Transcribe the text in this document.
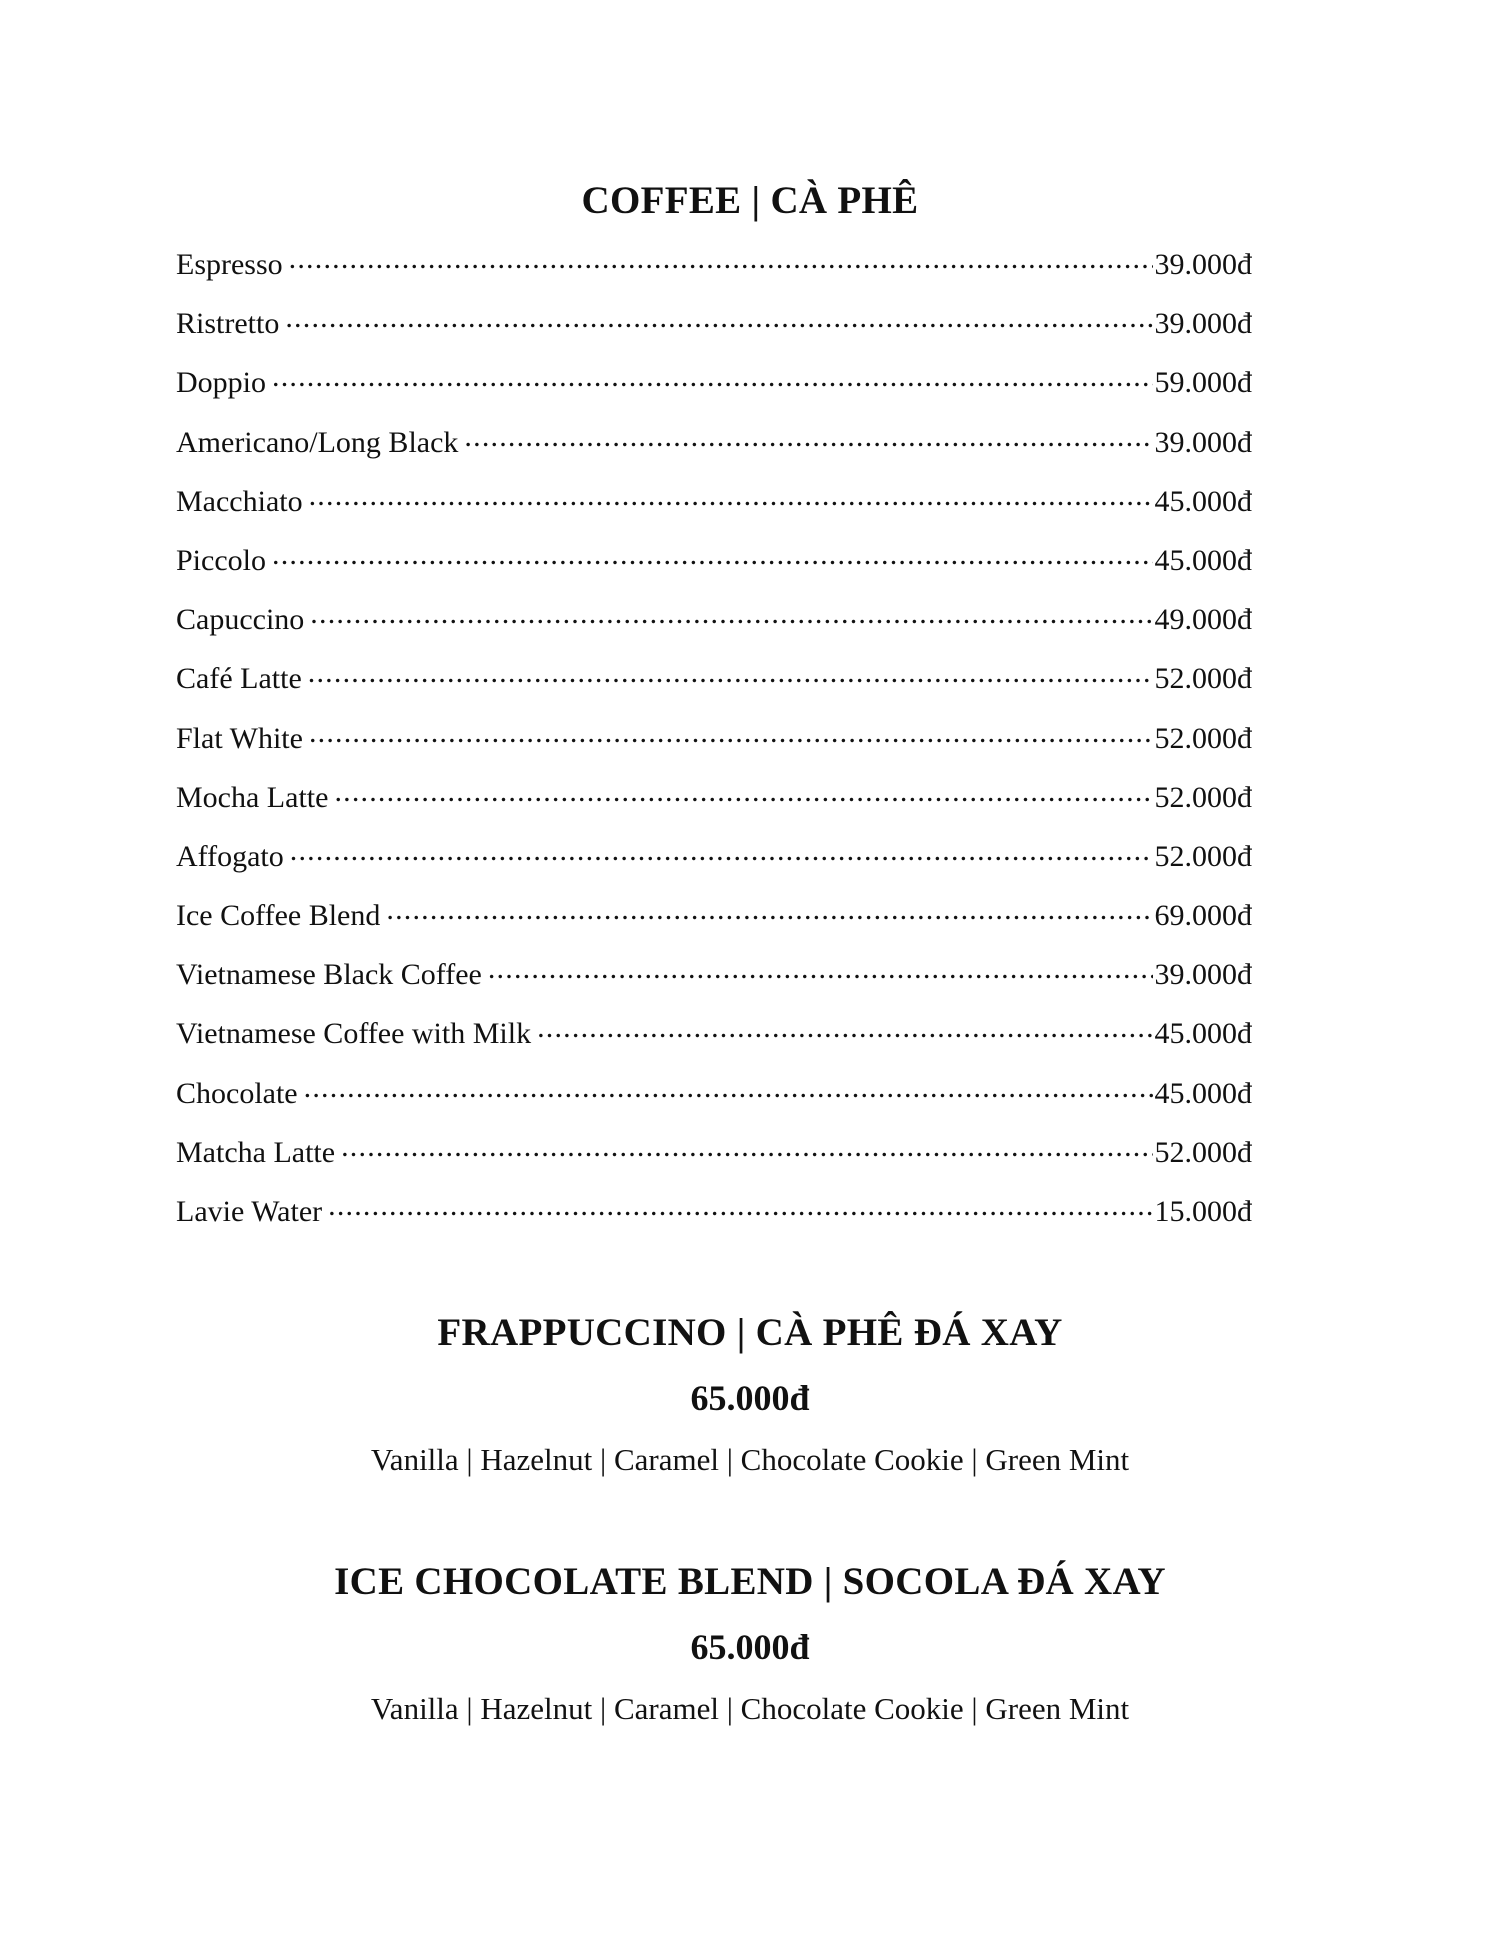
COFFEE | CÀ PHÊ
Espresso .....	39.000đ
Ristretto .....	39.000đ
Doppio .....	59.000đ
Americano/Long Black .....	39.000đ
Macchiato .....	45.000đ
Piccolo .....	45.000đ
Capuccino .....	49.000đ
Café Latte .....	52.000đ
Flat White .....	52.000đ
Mocha Latte .....	52.000đ
Affogato .....	52.000đ
Ice Coffee Blend .....	69.000đ
Vietnamese Black Coffee .....	39.000đ
Vietnamese Coffee with Milk .....	45.000đ
Chocolate .....	45.000đ
Matcha Latte .....	52.000đ
Lavie Water .....	15.000đ
FRAPPUCCINO | CÀ PHÊ ĐÁ XAY
65.000đ
Vanilla | Hazelnut | Caramel | Chocolate Cookie | Green Mint
ICE CHOCOLATE BLEND | SOCOLA ĐÁ XAY
65.000đ
Vanilla | Hazelnut | Caramel | Chocolate Cookie | Green Mint
